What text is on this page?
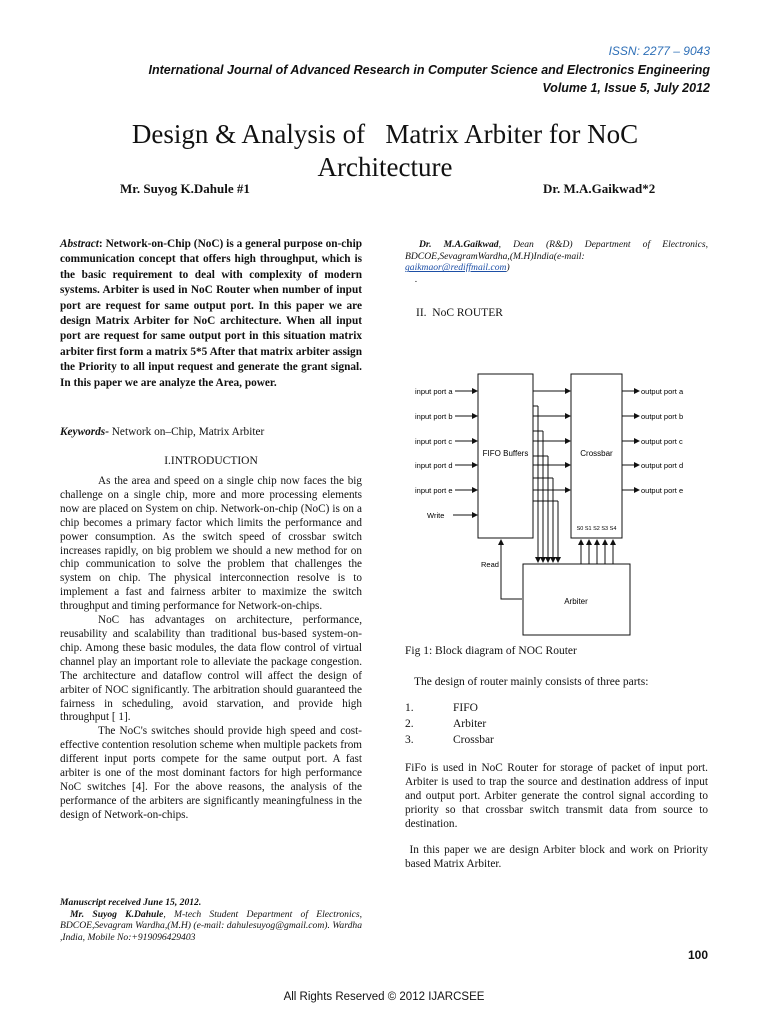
ISSN: 2277 – 9043
International Journal of Advanced Research in Computer Science and Electronics Engineering
Volume 1, Issue 5, July 2012
Design & Analysis of   Matrix Arbiter for NoC
Architecture
Mr. Suyog K.Dahule #1	Dr. M.A.Gaikwad*2
Abstract: Network-on-Chip (NoC) is a general purpose on-chip communication concept that offers high throughput, which is the basic requirement to deal with complexity of modern systems. Arbiter is used in NoC Router when number of input port are request for same output port. In this paper we are design Matrix Arbiter for NoC architecture. When all input port are request for same output port in this situation matrix arbiter first form a matrix 5*5 After that matrix arbiter assign the Priority to all input request and generate the grant signal. In this paper we are analyze the Area, power.
Keywords- Network on–Chip, Matrix Arbiter
I.INTRODUCTION

As the area and speed on a single chip now faces the big challenge on a single chip, more and more processing elements now are placed on System on chip. Network-on-chip (NoC) is on a chip becomes a primary factor which limits the performance and power consumption. As the switch speed of crossbar switch increases rapidly, on big problem we should a new method for on chip communication to solve the problem that challenges the system on chip. The physical interconnection resolve is to implement a fast and fairness arbiter to maximize the switch throughput and timing performance for Network-on-chips.

NoC has advantages on architecture, performance, reusability and scalability than traditional bus-based system-on-chip. Among these basic modules, the data flow control of virtual channel play an important role to alleviate the package congestion. The architecture and dataflow control will affect the design of arbiter of NOC significantly. The arbitration should guaranteed the fairness in scheduling, avoid starvation, and provide high throughput [ 1].

The NoC's switches should provide high speed and cost-effective contention resolution scheme when multiple packets from different input ports compete for the same output port. A fast arbiter is one of the most dominant factors for high performance NoC switches [4]. For the above reasons, the analysis of the performance of the arbiters are significantly meaningfulness in the design of Network-on-chips.

Manuscript received June 15, 2012.
Mr. Suyog K.Dahule, M-tech Student Department of Electronics, BDCOE,Sevagram Wardha,(M.H) (e-mail: dahulesuyog@gmail.com). Wardha ,India, Mobile No:+919096429403
Dr. M.A.Gaikwad, Dean (R&D) Department of Electronics, BDCOE,SevagramWardha,(M.H)India(e-mail:
gaikmaor@rediffmail.com)
.
II.  NoC ROUTER
FIFO Buffers	Crossbar
S0 S1 S2 S3 S4
Arbiter
input port a
input port b
input port c
input port d
input port e
Write
output port a
output port b
output port c
output port d
output port e
Read
Fig 1: Block diagram of NOC Router
The design of router mainly consists of three parts:
1.	FIFO
2.	Arbiter
3.	Crossbar
FiFo is used in NoC Router for storage of packet of input port. Arbiter is used to trap the source and destination address of input and output port. Arbiter generate the control signal according to priority so that crossbar switch transmit data from source to destination.
In this paper we are design Arbiter block and work on Priority based Matrix Arbiter.
100
All Rights Reserved © 2012 IJARCSEE
